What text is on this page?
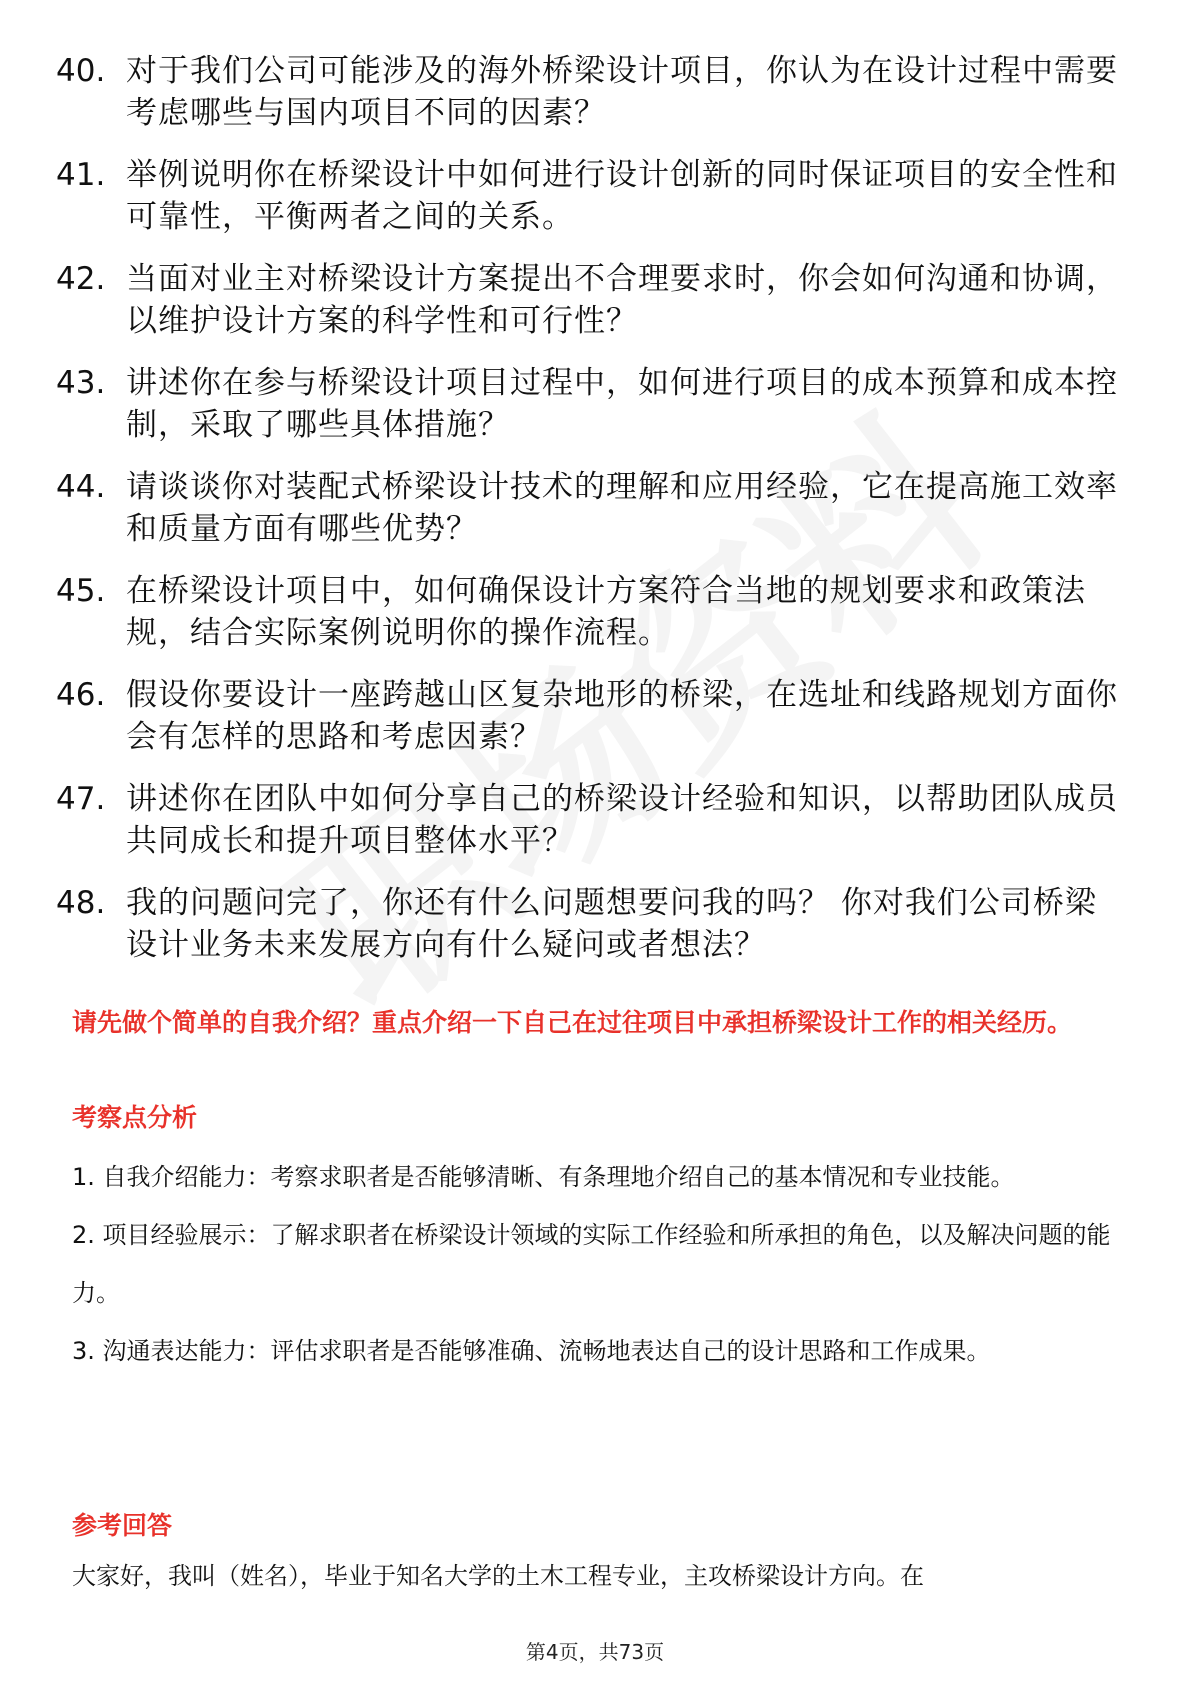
40. 对于我们公司可能涉及的海外桥梁设计项目，你认为在设计过程中需要考虑哪些与国内项目不同的因素？
41. 举例说明你在桥梁设计中如何进行设计创新的同时保证项目的安全性和可靠性，平衡两者之间的关系。
42. 当面对业主对桥梁设计方案提出不合理要求时，你会如何沟通和协调，以维护设计方案的科学性和可行性？
43. 讲述你在参与桥梁设计项目过程中，如何进行项目的成本预算和成本控制，采取了哪些具体措施？
44. 请谈谈你对装配式桥梁设计技术的理解和应用经验，它在提高施工效率和质量方面有哪些优势？
45. 在桥梁设计项目中，如何确保设计方案符合当地的规划要求和政策法规，结合实际案例说明你的操作流程。
46. 假设你要设计一座跨越山区复杂地形的桥梁，在选址和线路规划方面你会有怎样的思路和考虑因素？
47. 讲述你在团队中如何分享自己的桥梁设计经验和知识，以帮助团队成员共同成长和提升项目整体水平？
48. 我的问题问完了，你还有什么问题想要问我的吗？ 你对我们公司桥梁设计业务未来发展方向有什么疑问或者想法？
请先做个简单的自我介绍？重点介绍一下自己在过往项目中承担桥梁设计工作的相关经历。
考察点分析

1. 自我介绍能力：考察求职者是否能够清晰、有条理地介绍自己的基本情况和专业技能。

2. 项目经验展示：了解求职者在桥梁设计领域的实际工作经验和所承担的角色，以及解决问题的能力。

3. 沟通表达能力：评估求职者是否能够准确、流畅地表达自己的设计思路和工作成果。

参考回答
大家好，我叫（姓名），毕业于知名大学的土木工程专业，主攻桥梁设计方向。在
第4页，共73页
